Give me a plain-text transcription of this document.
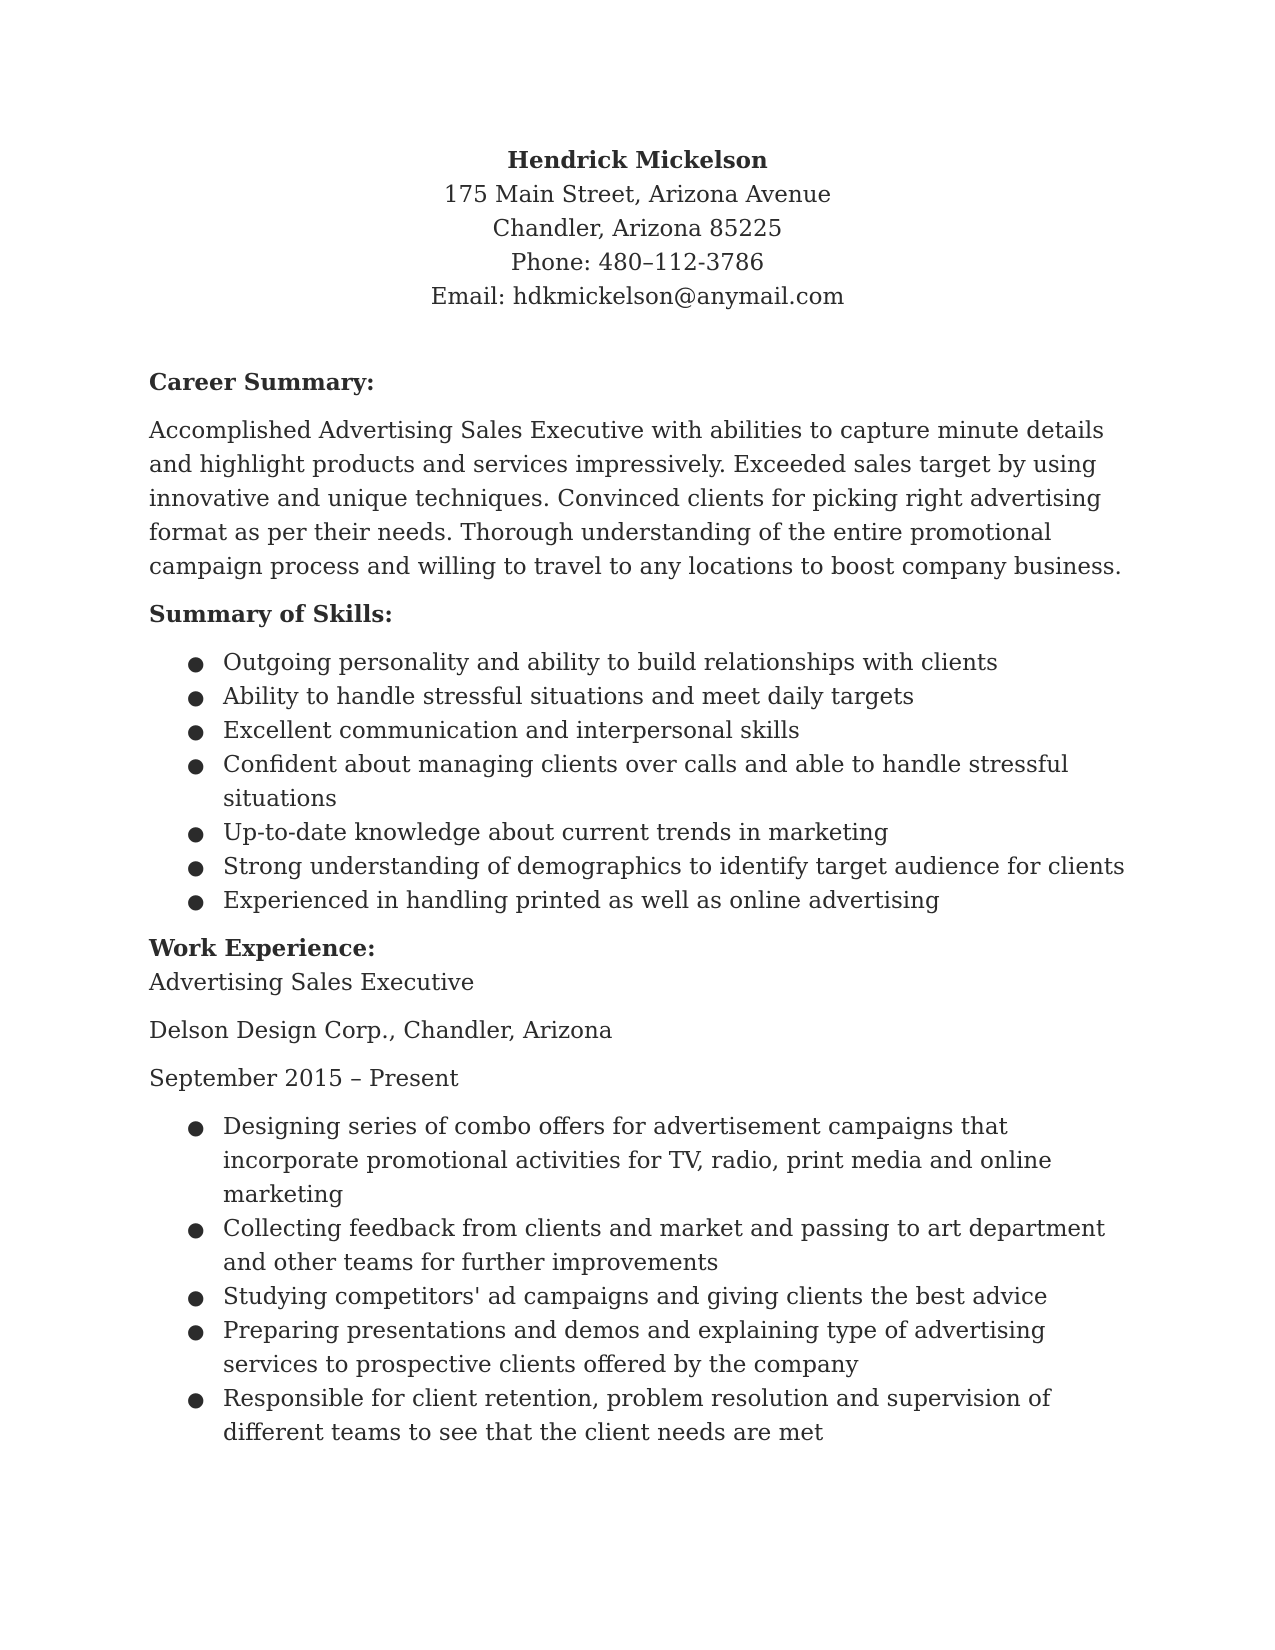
Hendrick Mickelson
175 Main Street, Arizona Avenue
Chandler, Arizona 85225
Phone: 480–112-3786
Email: hdkmickelson@anymail.com

Career Summary:

Accomplished Advertising Sales Executive with abilities to capture minute details and highlight products and services impressively. Exceeded sales target by using innovative and unique techniques. Convinced clients for picking right advertising format as per their needs. Thorough understanding of the entire promotional campaign process and willing to travel to any locations to boost company business.

Summary of Skills:

● Outgoing personality and ability to build relationships with clients
● Ability to handle stressful situations and meet daily targets
● Excellent communication and interpersonal skills
● Confident about managing clients over calls and able to handle stressful situations
● Up-to-date knowledge about current trends in marketing
● Strong understanding of demographics to identify target audience for clients
● Experienced in handling printed as well as online advertising

Work Experience:

Advertising Sales Executive

Delson Design Corp., Chandler, Arizona

September 2015 – Present

● Designing series of combo offers for advertisement campaigns that incorporate promotional activities for TV, radio, print media and online marketing
● Collecting feedback from clients and market and passing to art department and other teams for further improvements
● Studying competitors' ad campaigns and giving clients the best advice
● Preparing presentations and demos and explaining type of advertising services to prospective clients offered by the company
● Responsible for client retention, problem resolution and supervision of different teams to see that the client needs are met
